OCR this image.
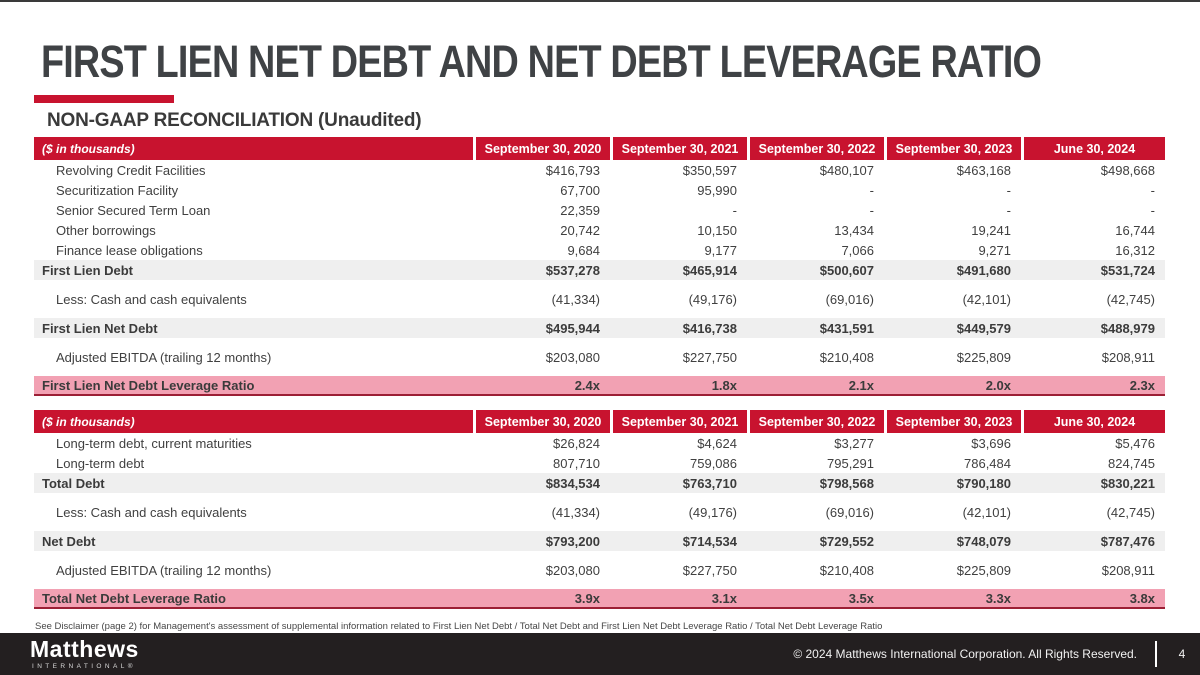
FIRST LIEN NET DEBT AND NET DEBT LEVERAGE RATIO
NON-GAAP RECONCILIATION (Unaudited)
($ in thousands)	September 30, 2020	September 30, 2021	September 30, 2022	September 30, 2023	June 30, 2024
Revolving Credit Facilities	$416,793	$350,597	$480,107	$463,168	$498,668
Securitization Facility	67,700	95,990	-	-	-
Senior Secured Term Loan	22,359	-	-	-	-
Other borrowings	20,742	10,150	13,434	19,241	16,744
Finance lease obligations	9,684	9,177	7,066	9,271	16,312
First Lien Debt	$537,278	$465,914	$500,607	$491,680	$531,724
Less: Cash and cash equivalents	(41,334)	(49,176)	(69,016)	(42,101)	(42,745)
First Lien Net Debt	$495,944	$416,738	$431,591	$449,579	$488,979
Adjusted EBITDA (trailing 12 months)	$203,080	$227,750	$210,408	$225,809	$208,911
First Lien Net Debt Leverage Ratio	2.4x	1.8x	2.1x	2.0x	2.3x
($ in thousands)	September 30, 2020	September 30, 2021	September 30, 2022	September 30, 2023	June 30, 2024
Long-term debt, current maturities	$26,824	$4,624	$3,277	$3,696	$5,476
Long-term debt	807,710	759,086	795,291	786,484	824,745
Total Debt	$834,534	$763,710	$798,568	$790,180	$830,221
Less: Cash and cash equivalents	(41,334)	(49,176)	(69,016)	(42,101)	(42,745)
Net Debt	$793,200	$714,534	$729,552	$748,079	$787,476
Adjusted EBITDA (trailing 12 months)	$203,080	$227,750	$210,408	$225,809	$208,911
Total Net Debt Leverage Ratio	3.9x	3.1x	3.5x	3.3x	3.8x
See Disclaimer (page 2) for Management's assessment of supplemental information related to First Lien Net Debt / Total Net Debt and First Lien Net Debt Leverage Ratio / Total Net Debt Leverage Ratio
Matthews
INTERNATIONAL®
© 2024 Matthews International Corporation. All Rights Reserved.	4
